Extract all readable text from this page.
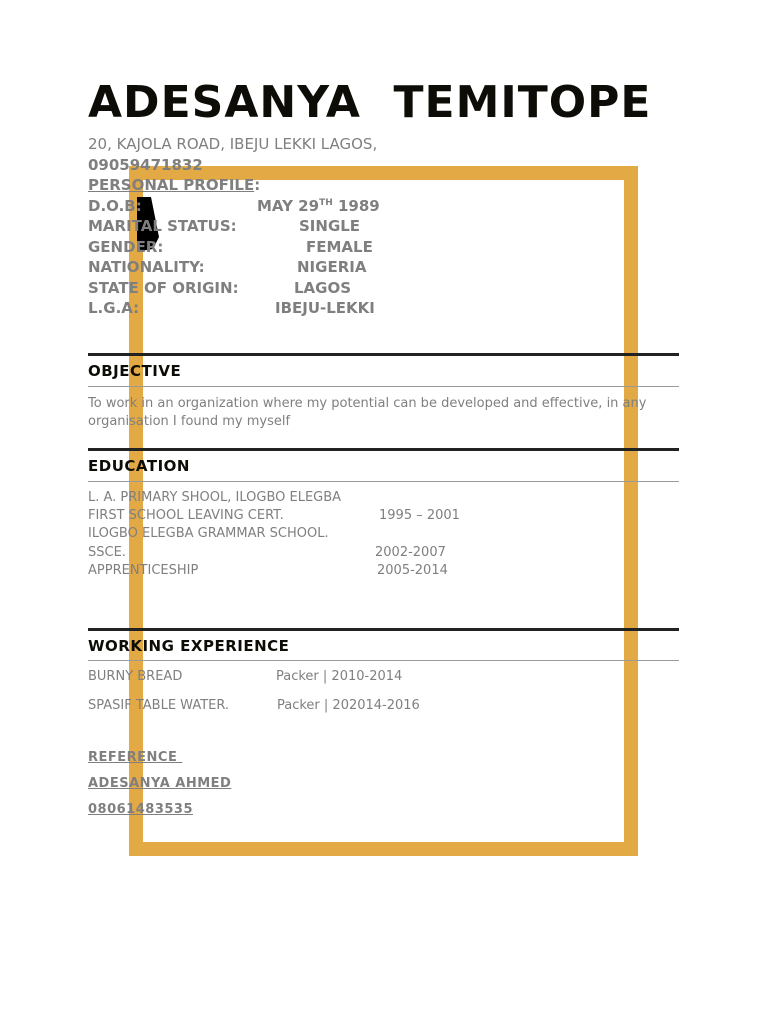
ADESANYA  TEMITOPE
20, KAJOLA ROAD, IBEJU LEKKI LAGOS,
09059471832
PERSONAL PROFILE:
D.O.B:	MAY 29TH 1989
MARITAL STATUS:	SINGLE
GENDER:	FEMALE
NATIONALITY:	NIGERIA
STATE OF ORIGIN:	LAGOS
L.G.A:	IBEJU-LEKKI
OBJECTIVE
To work in an organization where my potential can be developed and effective, in any organisation I found my myself
EDUCATION
L. A. PRIMARY SHOOL, ILOGBO ELEGBA
FIRST SCHOOL LEAVING CERT.	1995 – 2001
ILOGBO ELEGBA GRAMMAR SCHOOL.
SSCE.	2002-2007
APPRENTICESHIP	2005-2014
WORKING EXPERIENCE
BURNY BREAD	Packer | 2010-2014
SPASIF TABLE WATER.	Packer | 202014-2016
REFERENCE
ADESANYA AHMED
08061483535
